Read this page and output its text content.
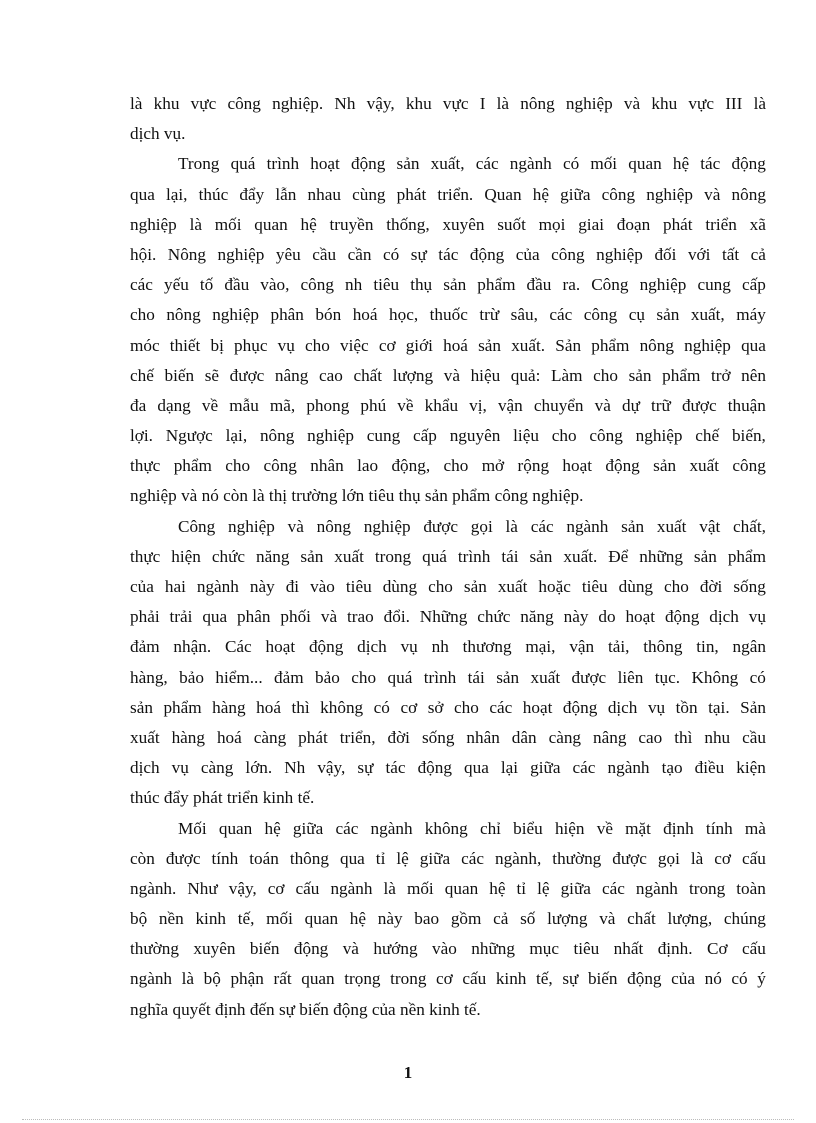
là khu vực công nghiệp. Nh vậy, khu vực I là nông nghiệp và khu vực III là
dịch vụ.
Trong quá trình hoạt động sản xuất, các ngành có mối quan hệ tác động
qua lại, thúc đẩy lẫn nhau cùng phát triển. Quan hệ giữa công nghiệp và nông
nghiệp là mối quan hệ truyền thống, xuyên suốt mọi giai đoạn phát triển xã
hội. Nông nghiệp yêu cầu cần có sự tác động của công nghiệp đối với tất cả
các yếu tố đầu vào, công nh tiêu thụ sản phẩm đầu ra. Công nghiệp cung cấp
cho nông nghiệp phân bón hoá học, thuốc trừ sâu, các công cụ sản xuất, máy
móc thiết bị phục vụ cho việc cơ giới hoá sản xuất. Sản phẩm nông nghiệp qua
chế biến sẽ được nâng cao chất lượng và hiệu quả: Làm cho sản phẩm trở nên
đa dạng về mẫu mã, phong phú về khẩu vị, vận chuyển và dự trữ được thuận
lợi. Ngược lại, nông nghiệp cung cấp nguyên liệu cho công nghiệp chế biến,
thực phẩm cho công nhân lao động, cho mở rộng hoạt động sản xuất công
nghiệp và nó còn là thị trường lớn tiêu thụ sản phẩm công nghiệp.
Công nghiệp và nông nghiệp được gọi là các ngành sản xuất vật chất,
thực hiện chức năng sản xuất trong quá trình tái sản xuất. Để những sản phẩm
của hai ngành này đi vào tiêu dùng cho sản xuất hoặc tiêu dùng cho đời sống
phải trải qua phân phối và trao đổi. Những chức năng này do hoạt động dịch vụ
đảm nhận. Các hoạt động dịch vụ nh thương mại, vận tải, thông tin, ngân
hàng, bảo hiểm... đảm bảo cho quá trình tái sản xuất được liên tục. Không có
sản phẩm hàng hoá thì không có cơ sở cho các hoạt động dịch vụ tồn tại. Sản
xuất hàng hoá càng phát triển, đời sống nhân dân càng nâng cao thì nhu cầu
dịch vụ càng lớn. Nh vậy, sự tác động qua lại giữa các ngành tạo điều kiện
thúc đẩy phát triển kinh tế.
Mối quan hệ giữa các ngành không chỉ biểu hiện về mặt định tính mà
còn được tính toán thông qua tỉ lệ giữa các ngành, thường được gọi là cơ cấu
ngành. Như vậy, cơ cấu ngành là mối quan hệ tỉ lệ giữa các ngành trong toàn
bộ nền kinh tế, mối quan hệ này bao gồm cả số lượng và chất lượng, chúng
thường xuyên biến động và hướng vào những mục tiêu nhất định. Cơ cấu
ngành là bộ phận rất quan trọng trong cơ cấu kinh tế, sự biến động của nó có ý
nghĩa quyết định đến sự biến động của nền kinh tế.
1
